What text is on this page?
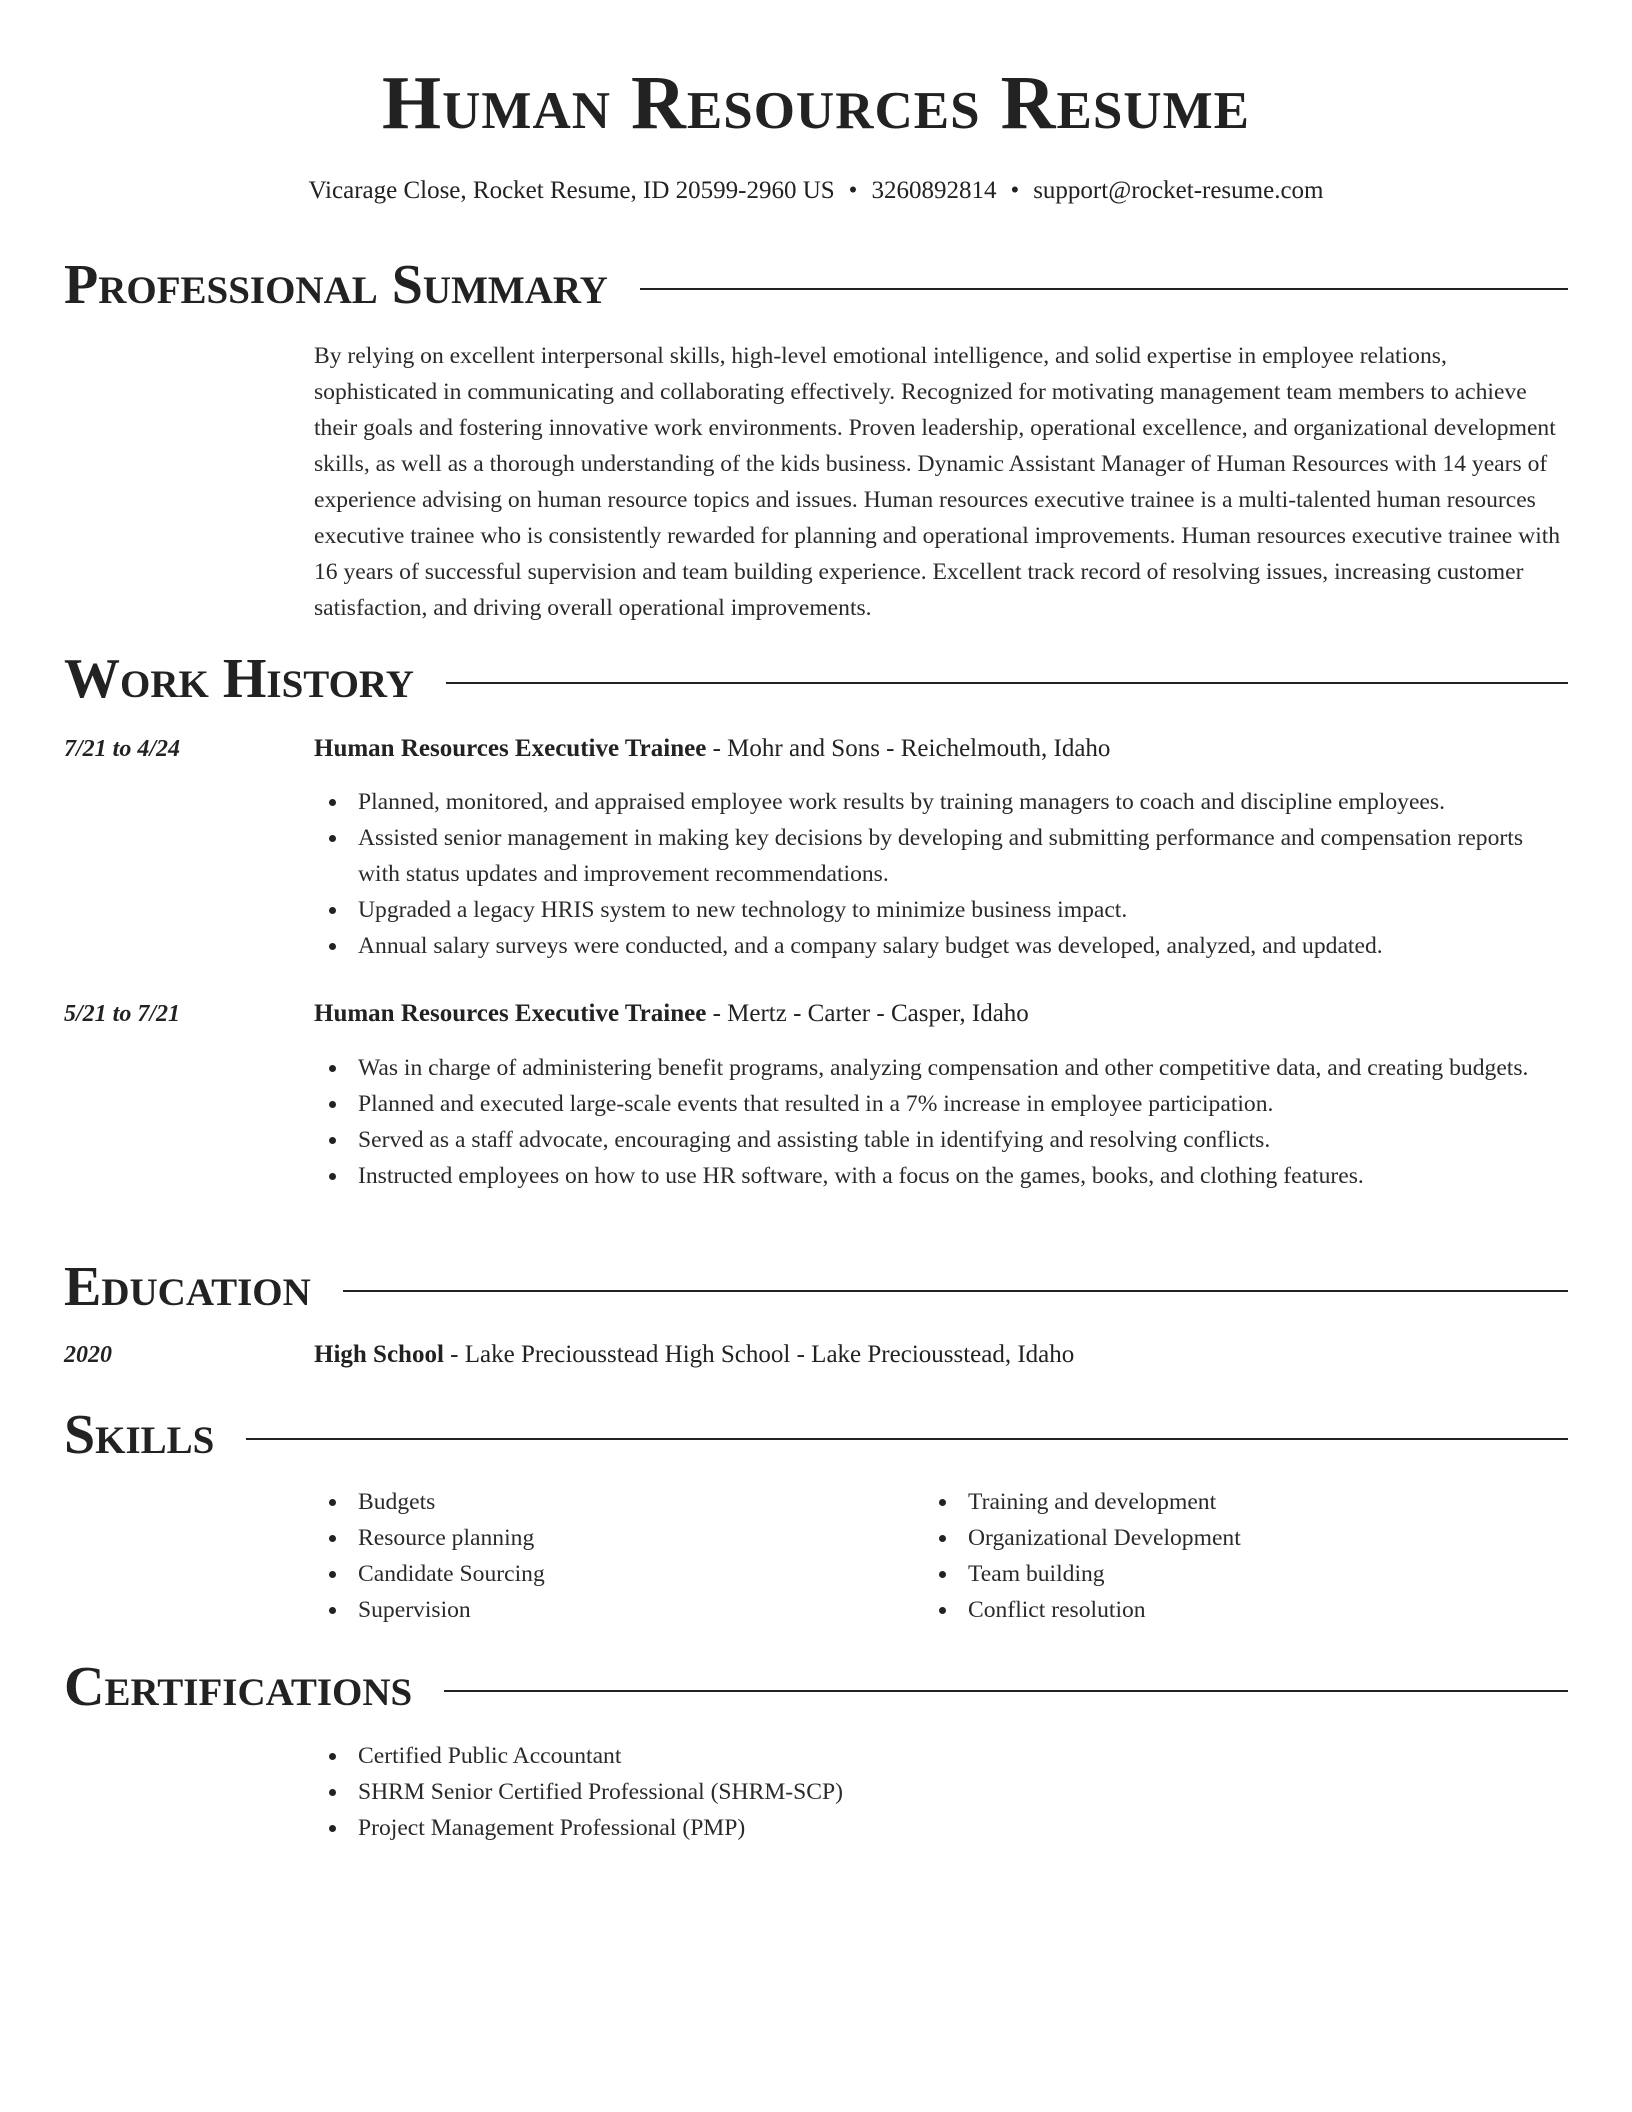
Human Resources Resume
Vicarage Close, Rocket Resume, ID 20599-2960 US • 3260892814 • support@rocket-resume.com
Professional Summary

By relying on excellent interpersonal skills, high-level emotional intelligence, and solid expertise in employee relations, sophisticated in communicating and collaborating effectively. Recognized for motivating management team members to achieve their goals and fostering innovative work environments. Proven leadership, operational excellence, and organizational development skills, as well as a thorough understanding of the kids business. Dynamic Assistant Manager of Human Resources with 14 years of experience advising on human resource topics and issues. Human resources executive trainee is a multi-talented human resources executive trainee who is consistently rewarded for planning and operational improvements. Human resources executive trainee with 16 years of successful supervision and team building experience. Excellent track record of resolving issues, increasing customer satisfaction, and driving overall operational improvements.

Work History
7/21 to 4/24	Human Resources Executive Trainee - Mohr and Sons - Reichelmouth, Idaho
Planned, monitored, and appraised employee work results by training managers to coach and discipline employees.
Assisted senior management in making key decisions by developing and submitting performance and compensation reports with status updates and improvement recommendations.
Upgraded a legacy HRIS system to new technology to minimize business impact.
Annual salary surveys were conducted, and a company salary budget was developed, analyzed, and updated.
5/21 to 7/21	Human Resources Executive Trainee - Mertz - Carter - Casper, Idaho
Was in charge of administering benefit programs, analyzing compensation and other competitive data, and creating budgets.
Planned and executed large-scale events that resulted in a 7% increase in employee participation.
Served as a staff advocate, encouraging and assisting table in identifying and resolving conflicts.
Instructed employees on how to use HR software, with a focus on the games, books, and clothing features.
Education
2020	High School - Lake Preciousstead High School - Lake Preciousstead, Idaho
Skills
Budgets
Resource planning
Candidate Sourcing
Supervision
Training and development
Organizational Development
Team building
Conflict resolution
Certifications
Certified Public Accountant
SHRM Senior Certified Professional (SHRM-SCP)
Project Management Professional (PMP)
